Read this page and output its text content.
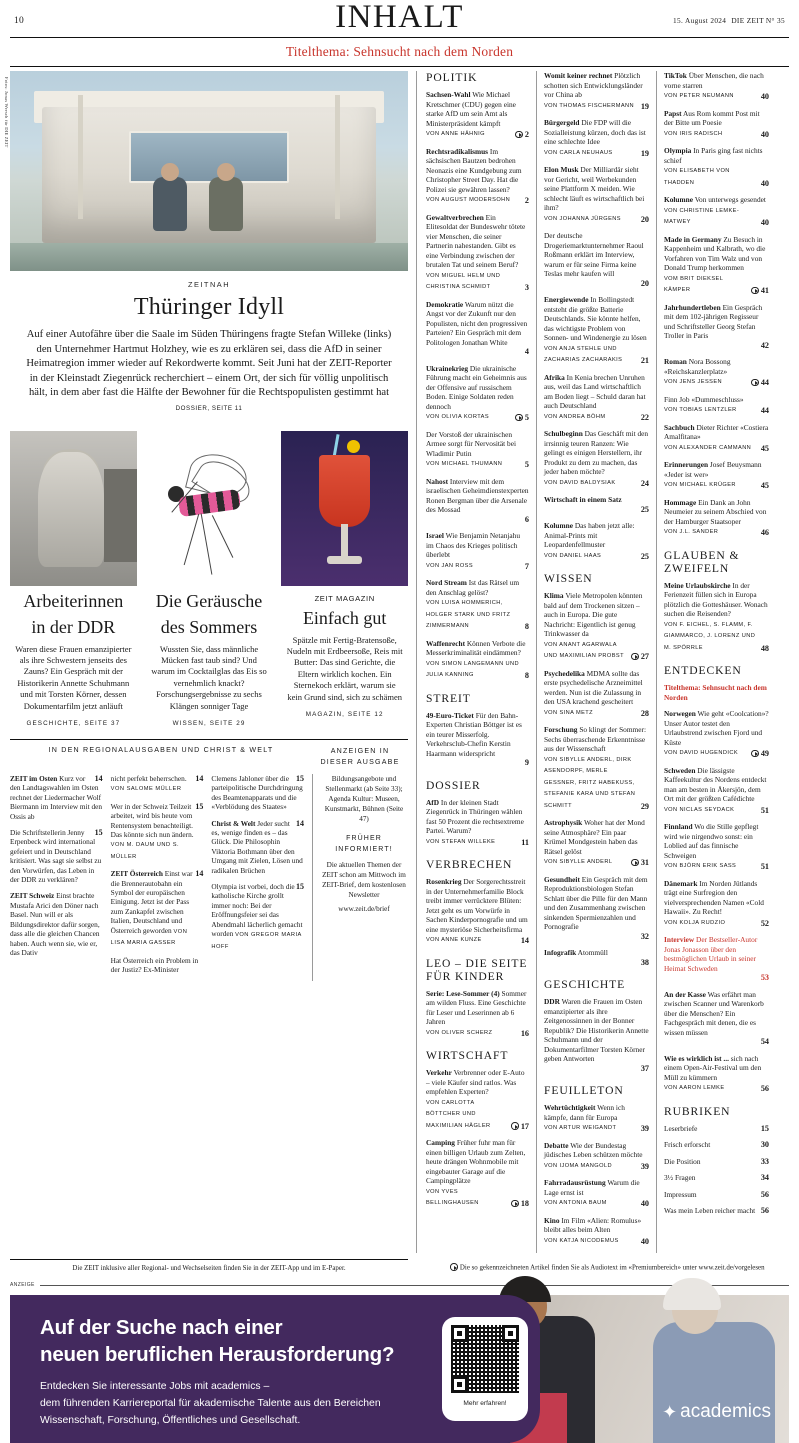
10	INHALT	15. August 2024 DIE ZEIT N° 35
Titelthema: Sehnsucht nach dem Norden
Fotos: Jonas Wresch für DIE ZEIT
ZEITNAH
Thüringer Idyll
Auf einer Autofähre über die Saale im Süden Thüringens fragte Stefan Willeke (links) den Unternehmer Hartmut Holzhey, wie es zu erklären sei, dass die AfD in seiner Heimatregion immer wieder auf Rekordwerte kommt. Seit Juni hat der ZEIT-Reporter in der Kleinstadt Ziegenrück recherchiert – einem Ort, der sich für völlig unpolitisch hält, in dem aber fast die Hälfte der Bewohner für die Rechtspopulisten gestimmt hat DOSSIER, SEITE 11
Arbeiterinnen
in der DDR
Waren diese Frauen emanzipierter als ihre Schwestern jenseits des Zauns? Ein Gespräch mit der Historikerin Annette Schuhmann und mit Torsten Körner, dessen Dokumentarfilm jetzt anläuft
GESCHICHTE, SEITE 37
Die Geräusche
des Sommers
Wussten Sie, dass männliche Mücken fast taub sind? Und warum im Cocktailglas das Eis so vernehmlich knackt? Forschungsergebnisse zu sechs Klängen sonniger Tage
WISSEN, SEITE 29
ZEIT MAGAZIN
Einfach gut
Spätzle mit Fertig-Bratensoße, Nudeln mit Erdbeersoße, Reis mit Butter: Das sind Gerichte, die Eltern wirklich kochen. Ein Sternekoch erklärt, warum sie kein Grund sind, sich zu schämen
MAGAZIN, SEITE 12
IN DEN REGIONALAUSGABEN UND CHRIST & WELT	ANZEIGEN IN
DIESER AUSGABE
14
ZEIT im Osten Kurz vor den Landtagswahlen im Osten rechnet der Liedermacher Wolf Biermann im Interview mit den Ossis ab
15
Die Schriftstellerin Jenny Erpenbeck wird international gefeiert und in Deutschland kritisiert. Was sagt sie selbst zu den Vorwürfen, das Leben in der DDR zu verklären?
ZEIT Schweiz Einst brachte Mustafa Arici den Döner nach Basel. Nun will er als Bildungsdirektor dafür sorgen, dass alle die gleichen Chancen haben. Auch wenn sie, wie er, das Dativ
14
nicht perfekt beherrschen. VON SALOME MÜLLER
15
Wer in der Schweiz Teilzeit arbeitet, wird bis heute vom Rentensystem benachteiligt. Das könnte sich nun ändern. VON M. DAUM UND S. MÜLLER
14
ZEIT Österreich Einst war die Brennerautobahn ein Symbol der europäischen Einigung. Jetzt ist der Pass zum Zankapfel zwischen Italien, Deutschland und Österreich geworden VON LISA MARIA GASSER
Hat Österreich ein Problem in der Justiz? Ex-Minister
15
Clemens Jabloner über die parteipolitische Durchdringung des Beamtenapparats und die «Verblödung des Staates»
14
Christ & Welt Jeder sucht es, wenige finden es – das Glück. Die Philosophin Viktoria Bothmann über den Umgang mit Zielen, Lösen und radikalen Brüchen
15
Olympia ist vorbei, doch die katholische Kirche grollt immer noch: Bei der Eröffnungsfeier sei das Abendmahl lächerlich gemacht worden VON GREGOR MARIA HOFF
Bildungsangebote und Stellenmarkt (ab Seite 33); Agenda Kultur: Museen, Kunstmarkt, Bühnen (Seite 47)
FRÜHER
INFORMIERT!
Die aktuellen Themen der ZEIT schon am Mittwoch im ZEIT-Brief, dem kostenlosen Newsletter
www.zeit.de/brief
POLITIK
Sachsen-Wahl Wie Michael Kretschmer (CDU) gegen eine starke AfD um sein Amt als Ministerpräsident kämpft
VON ANNE HÄHNIG	2
Rechtsradikalismus Im sächsischen Bautzen bedrohen Neonazis eine Kundgebung zum Christopher Street Day. Hat die Polizei sie gewähren lassen?
VON AUGUST MODERSOHN	2
Gewaltverbrechen Ein Elitesoldat der Bundeswehr tötete vier Menschen, die seiner Partnerin nahestanden. Gibt es eine Verbindung zwischen der brutalen Tat und seinem Beruf?
VON MIGUEL HELM UND CHRISTINA SCHMIDT	3
Demokratie Warum nützt die Angst vor der Zukunft nur den Populisten, nicht den progressiven Parteien? Ein Gespräch mit dem Politologen Jonathan White
4
Ukrainekrieg Die ukrainische Führung macht ein Geheimnis aus der Offensive auf russischem Boden. Einige Soldaten reden dennoch
VON OLIVIA KORTAS	5
Der Vorstoß der ukrainischen Armee sorgt für Nervosität bei Wladimir Putin
VON MICHAEL THUMANN	5
Nahost Interview mit dem israelischen Geheimdienstexperten Ronen Bergman über die Arsenale des Mossad
6
Israel Wie Benjamin Netanjahu im Chaos des Krieges politisch überlebt
VON JAN ROSS	7
Nord Stream Ist das Rätsel um den Anschlag gelöst?
VON LUISA HOMMERICH, HOLGER STARK UND FRITZ ZIMMERMANN	8
Waffenrecht Können Verbote die Messerkriminalität eindämmen?
VON SIMON LANGEMANN UND JULIA KANNING	8
STREIT
49-Euro-Ticket Für den Bahn-Experten Christian Böttger ist es ein teurer Misserfolg. Verkehrsclub-Chefin Kerstin Haarmann widerspricht
9
DOSSIER
AfD In der kleinen Stadt Ziegenrück in Thüringen wählen fast 50 Prozent die rechtsextreme Partei. Warum?
VON STEFAN WILLEKE	11
VERBRECHEN
Rosenkrieg Der Sorgerechtsstreit in der Unternehmerfamilie Block treibt immer verrücktere Blüten: Jetzt geht es um Vorwürfe in Sachen Kinderpornografie und um eine mysteriöse Sicherheitsfirma
VON ANNE KUNZE	14
LEO – DIE SEITE FÜR KINDER
Serie: Lese-Sommer (4) Sommer am wilden Fluss. Eine Geschichte für Leser und Leserinnen ab 6 Jahren
VON OLIVER SCHERZ	16
WIRTSCHAFT
Verkehr Verbrenner oder E-Auto – viele Käufer sind ratlos. Was empfehlen Experten?
VON CARLOTTA BÖTTCHER UND MAXIMILIAN HÄGLER	17
Camping Früher fuhr man für einen billigen Urlaub zum Zelten, heute drängen Wohnmobile mit eingebauter Garage auf die Campingplätze
VON YVES BELLINGHAUSEN	18
Womit keiner rechnet Plötzlich schotten sich Entwicklungsländer vor China ab
VON THOMAS FISCHERMANN 19
Bürgergeld Die FDP will die Sozialleistung kürzen, doch das ist eine schlechte Idee
VON CARLA NEUHAUS	19
Elon Musk Der Milliardär sieht vor Gericht, weil Werbekunden seine Plattform X meiden. Wie schlecht läuft es wirtschaftlich bei ihm?
VON JOHANNA JÜRGENS	20
Der deutsche Drogeriemarktunternehmer Raoul Roßmann erklärt im Interview, warum er für seine Firma keine Teslas mehr kaufen will
20
Energiewende In Bollingstedt entsteht die größte Batterie Deutschlands. Sie könnte helfen, das wichtigste Problem von Sonnen- und Windenergie zu lösen
VON ANJA STEHLE UND ZACHARIAS ZACHARAKIS	21
Afrika In Kenia brechen Unruhen aus, weil das Land wirtschaftlich am Boden liegt – Schuld daran hat auch Deutschland
VON ANDREA BÖHM	22
Schulbeginn Das Geschäft mit den irrsinnig teuren Ranzen: Wie gelingt es einigen Herstellern, ihr Produkt zu dem zu machen, das jeder haben möchte?
VON DAVID BALDYSIAK	24
Wirtschaft in einem Satz
25
Kolumne Das haben jetzt alle: Animal-Prints mit Leopardenfellmuster
VON DANIEL HAAS	25
WISSEN
Klima Viele Metropolen könnten bald auf dem Trockenen sitzen – auch in Europa. Die gute Nachricht: Eigentlich ist genug Trinkwasser da
VON ANANT AGARWALA UND MAXIMILIAN PROBST	27
Psychedelika MDMA sollte das erste psychedelische Arzneimittel werden. Nun ist die Zulassung in den USA krachend gescheitert
VON SINA METZ	28
Forschung So klingt der Sommer: Sechs überraschende Erkenntnisse aus der Wissenschaft
VON SIBYLLE ANDERL, DIRK ASENDORPF, MERLE GESSNER, FRITZ HABEKUSS, STEFANIE KARA UND STEFAN SCHMITT	29
Astrophysik Woher hat der Mond seine Atmosphäre? Ein paar Krümel Mondgestein haben das Rätsel gelöst
VON SIBYLLE ANDERL	31
Gesundheit Ein Gespräch mit dem Reproduktionsbiologen Stefan Schlatt über die Pille für den Mann und den Zusammenhang zwischen sinkenden Spermienzahlen und Pornografie
32
Infografik Atommüll
38
GESCHICHTE
DDR Waren die Frauen im Osten emanzipierter als ihre Zeitgenossinnen in der Bonner Republik? Die Historikerin Annette Schuhmann und der Dokumentarfilmer Torsten Körner geben Antworten
37
FEUILLETON
Wehrtüchtigkeit Wenn ich kämpfe, dann für Europa
VON ARTUR WEIGANDT	39
Debatte Wie der Bundestag jüdisches Leben schützen möchte
VON IJOMA MANGOLD	39
Fahrradausrüstung Warum die Lage ernst ist
VON ANTONIA BAUM	40
Kino Im Film «Alien: Romulus» bleibt alles beim Alten
VON KATJA NICODEMUS	40
TikTok Über Menschen, die nach vorne starren
VON PETER NEUMANN	40
Papst Aus Rom kommt Post mit der Bitte um Poesie
VON IRIS RADISCH	40
Olympia In Paris ging fast nichts schief
VON ELISABETH VON THADDEN	40
Kolumne Von unterwegs gesendet
VON CHRISTINE LEMKE-MATWEY	40
Made in Germany Zu Besuch in Kappenheim und Kalbrath, wo die Vorfahren von Tim Walz und von Donald Trump herkommen
VOM BRIT DIEKSEL KÄMPER	41
Jahrhundertleben Ein Gespräch mit dem 102-jährigen Regisseur und Schriftsteller Georg Stefan Troller in Paris
42
Roman Nora Bossong «Reichskanzlerplatz»
VON JENS JESSEN	44
Finn Job «Dummeschluss»
VON TOBIAS LENTZLER	44
Sachbuch Dieter Richter «Costiera Amalfitana»
VON ALEXANDER CAMMANN	45
Erinnerungen Josef Beuysmann «Jeder ist wer»
VON MICHAEL KRÜGER	45
Hommage Ein Dank an John Neumeier zu seinem Abschied von der Hamburger Staatsoper
VON J.L. SANDER	46
GLAUBEN & ZWEIFELN
Meine Urlaubskirche In der Ferienzeit füllen sich in Europa plötzlich die Gotteshäuser. Wonach suchen die Reisenden?
VON F. EICHEL, S. FLAMM, F. GIAMMARCO, J. LORENZ UND M. SPÖRRLE	48
ENTDECKEN
Titelthema: Sehnsucht nach dem Norden
Norwegen Wie geht «Coolcation»? Unser Autor testet den Urlaubstrend zwischen Fjord und Küste
VON DAVID HUGENDICK	49
Schweden Die lässigste Kaffeekultur des Nordens entdeckt man am besten in Åkersjön, dem Ort mit der größten Cafédichte
VON NICLAS SEYDACK	51
Finnland Wo die Stille gepflegt wird wie nirgendwo sonst: ein Loblied auf das finnische Schweigen
VON BJÖRN ERIK SASS	51
Dänemark Im Norden Jütlands trägt eine Surfregion den vielversprechenden Namen «Cold Hawaii». Zu Recht!
VON KOLJA RUDZIO	52
Interview Der Bestseller-Autor Jonas Jonasson über den bestmöglichen Urlaub in seiner Heimat Schweden
53
An der Kasse Was erfährt man zwischen Scanner und Warenkorb über die Menschen? Ein Fachgespräch mit denen, die es wissen müssen
54
Wie es wirklich ist ... sich nach einem Open-Air-Festival um den Müll zu kümmern
VON AARON LEMKE	56
RUBRIKEN
Leserbriefe	15
Frisch erforscht	30
Die Position	33
3½ Fragen	34
Impressum	56
Was mein Leben reicher macht 56
Die ZEIT inklusive aller Regional- und Wechselseiten finden Sie in der ZEIT-App und im E-Paper.	Die so gekennzeichneten Artikel finden Sie als Audiotext im «Premiumbereich» unter www.zeit.de/vorgelesen
ANZEIGE
Auf der Suche nach einer
neuen beruflichen Herausforderung?
Entdecken Sie interessante Jobs mit academics –
dem führenden Karriereportal für akademische Talente aus den Bereichen
Wissenschaft, Forschung, Öffentliches und Gesellschaft.
Mehr erfahren!	✦ academics
